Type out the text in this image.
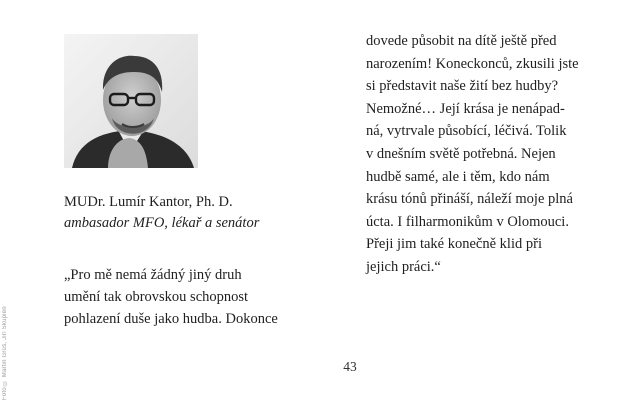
Foto © Martin Grůš, Jiří Skupien
MUDr. Lumír Kantor, Ph. D.
ambasador MFO, lékař a senátor
„Pro mě nemá žádný jiný druh
umění tak obrovskou schopnost
pohlazení duše jako hudba. Dokonce
dovede působit na dítě ještě před
narozením! Koneckonců, zkusili jste
si představit naše žití bez hudby?
Nemožné… Její krása je nenápad-
ná, vytrvale působící, léčivá. Tolik
v dnešním světě potřebná. Nejen
hudbě samé, ale i těm, kdo nám
krásu tónů přináší, náleží moje plná
úcta. I filharmonikům v Olomouci.
Přeji jim také konečně klid při
jejich práci.“
43
